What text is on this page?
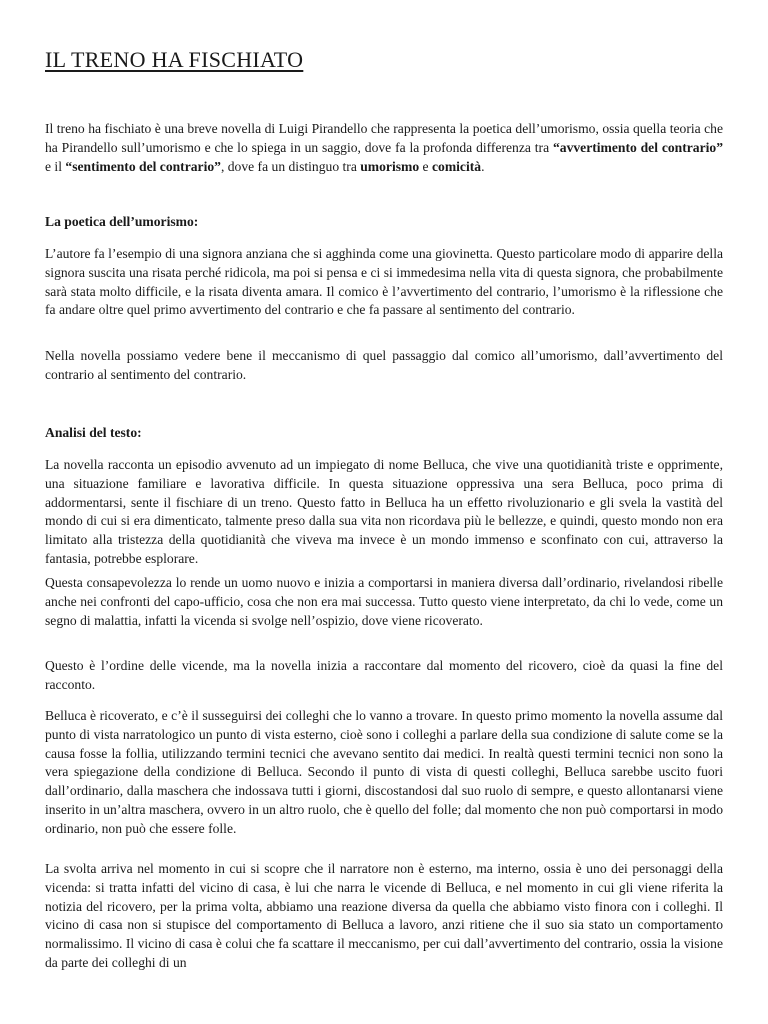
IL TRENO HA FISCHIATO

Il treno ha fischiato è una breve novella di Luigi Pirandello che rappresenta la poetica dell’umorismo, ossia quella teoria che ha Pirandello sull’umorismo e che lo spiega in un saggio, dove fa la profonda differenza tra “avvertimento del contrario” e il “sentimento del contrario”, dove fa un distinguo tra umorismo e comicità.

La poetica dell’umorismo:

L’autore fa l’esempio di una signora anziana che si agghinda come una giovinetta. Questo particolare modo di apparire della signora suscita una risata perché ridicola, ma poi si pensa e ci si immedesima nella vita di questa signora, che probabilmente sarà stata molto difficile, e la risata diventa amara. Il comico è l’avvertimento del contrario, l’umorismo è la riflessione che fa andare oltre quel primo avvertimento del contrario e che fa passare al sentimento del contrario.

Nella novella possiamo vedere bene il meccanismo di quel passaggio dal comico all’umorismo, dall’avvertimento del contrario al sentimento del contrario.

Analisi del testo:

La novella racconta un episodio avvenuto ad un impiegato di nome Belluca, che vive una quotidianità triste e opprimente, una situazione familiare e lavorativa difficile. In questa situazione oppressiva una sera Belluca, poco prima di addormentarsi, sente il fischiare di un treno. Questo fatto in Belluca ha un effetto rivoluzionario e gli svela la vastità del mondo di cui si era dimenticato, talmente preso dalla sua vita non ricordava più le bellezze, e quindi, questo mondo non era limitato alla tristezza della quotidianità che viveva ma invece è un mondo immenso e sconfinato con cui, attraverso la fantasia, potrebbe esplorare.

Questa consapevolezza lo rende un uomo nuovo e inizia a comportarsi in maniera diversa dall’ordinario, rivelandosi ribelle anche nei confronti del capo-ufficio, cosa che non era mai successa. Tutto questo viene interpretato, da chi lo vede, come un segno di malattia, infatti la vicenda si svolge nell’ospizio, dove viene ricoverato.

Questo è l’ordine delle vicende, ma la novella inizia a raccontare dal momento del ricovero, cioè da quasi la fine del racconto.

Belluca è ricoverato, e c’è il susseguirsi dei colleghi che lo vanno a trovare. In questo primo momento la novella assume dal punto di vista narratologico un punto di vista esterno, cioè sono i colleghi a parlare della sua condizione di salute come se la causa fosse la follia, utilizzando termini tecnici che avevano sentito dai medici. In realtà questi termini tecnici non sono la vera spiegazione della condizione di Belluca. Secondo il punto di vista di questi colleghi, Belluca sarebbe uscito fuori dall’ordinario, dalla maschera che indossava tutti i giorni, discostandosi dal suo ruolo di sempre, e questo allontanarsi viene inserito in un’altra maschera, ovvero in un altro ruolo, che è quello del folle; dal momento che non può comportarsi in modo ordinario, non può che essere folle.

La svolta arriva nel momento in cui si scopre che il narratore non è esterno, ma interno, ossia è uno dei personaggi della vicenda: si tratta infatti del vicino di casa, è lui che narra le vicende di Belluca, e nel momento in cui gli viene riferita la notizia del ricovero, per la prima volta, abbiamo una reazione diversa da quella che abbiamo visto finora con i colleghi. Il vicino di casa non si stupisce del comportamento di Belluca a lavoro, anzi ritiene che il suo sia stato un comportamento normalissimo. Il vicino di casa è colui che fa scattare il meccanismo, per cui dall’avvertimento del contrario, ossia la visione da parte dei colleghi di un
